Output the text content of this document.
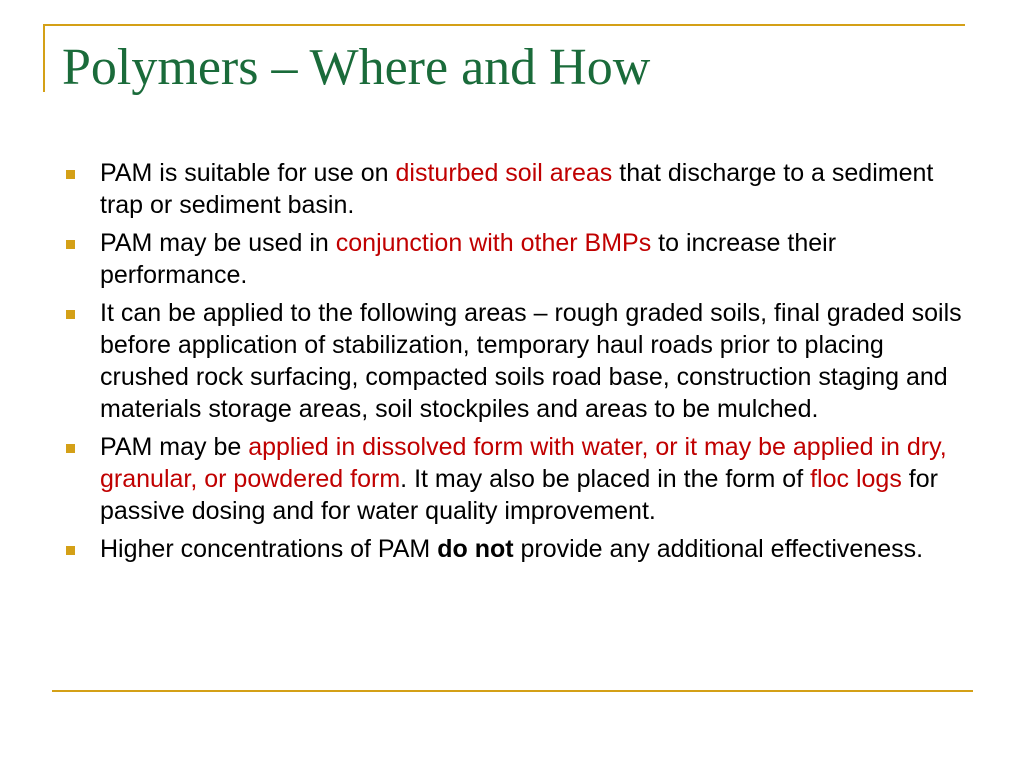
Polymers – Where and How
PAM is suitable for use on disturbed soil areas that discharge to a sediment trap or sediment basin.
PAM may be used in conjunction with other BMPs to increase their performance.
It can be applied to the following areas – rough graded soils, final graded soils before application of stabilization, temporary haul roads prior to placing crushed rock surfacing, compacted soils road base, construction staging and materials storage areas, soil stockpiles and areas to be mulched.
PAM may be applied in dissolved form with water, or it may be applied in dry, granular, or powdered form. It may also be placed in the form of floc logs for passive dosing and for water quality improvement.
Higher concentrations of PAM do not provide any additional effectiveness.
